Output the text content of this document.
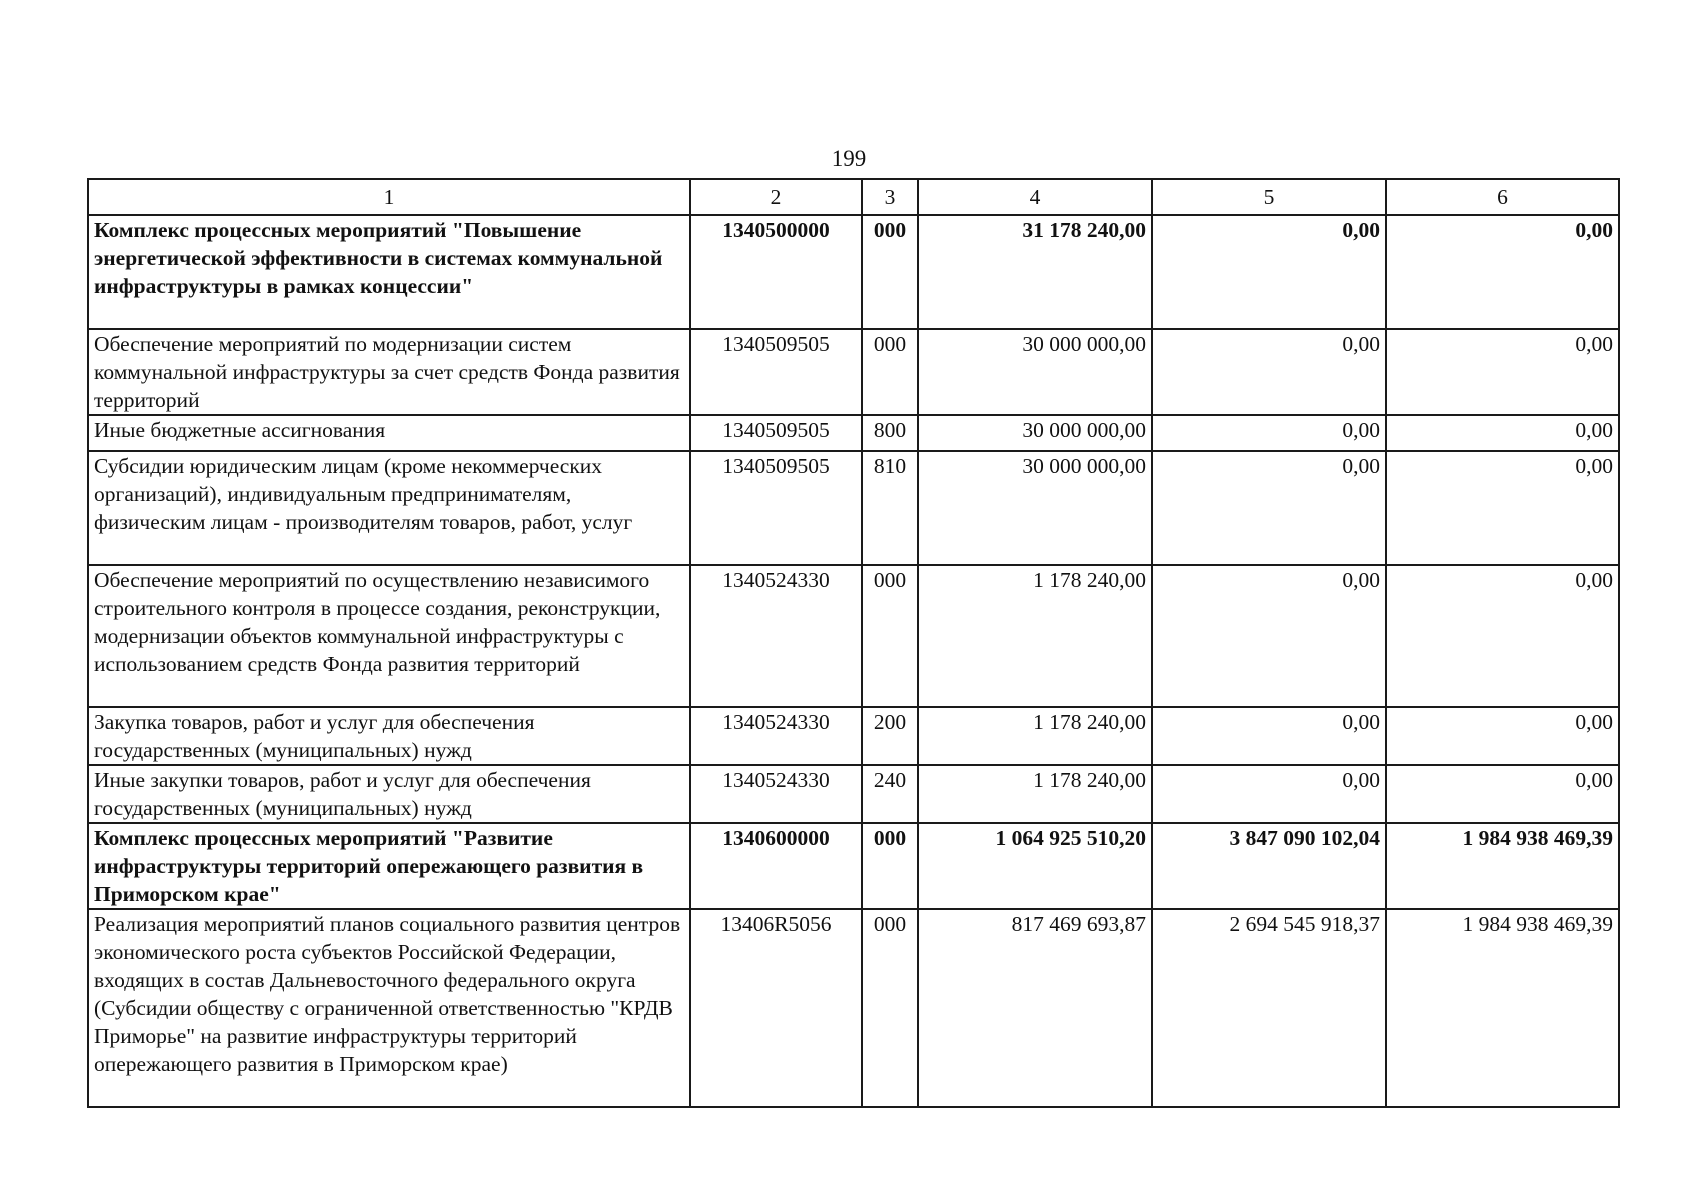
199
1	2	3	4	5	6
Комплекс процессных мероприятий "Повышение энергетической эффективности в системах коммунальной инфраструктуры в рамках концессии"	1340500000	000	31 178 240,00	0,00	0,00
Обеспечение мероприятий по модернизации систем коммунальной инфраструктуры за счет средств Фонда развития территорий	1340509505	000	30 000 000,00	0,00	0,00
Иные бюджетные ассигнования	1340509505	800	30 000 000,00	0,00	0,00
Субсидии юридическим лицам (кроме некоммерческих организаций), индивидуальным предпринимателям, физическим лицам - производителям товаров, работ, услуг	1340509505	810	30 000 000,00	0,00	0,00
Обеспечение мероприятий по осуществлению независимого строительного контроля в процессе создания, реконструкции, модернизации объектов коммунальной инфраструктуры с использованием средств Фонда развития территорий	1340524330	000	1 178 240,00	0,00	0,00
Закупка товаров, работ и услуг для обеспечения государственных (муниципальных) нужд	1340524330	200	1 178 240,00	0,00	0,00
Иные закупки товаров, работ и услуг для обеспечения государственных (муниципальных) нужд	1340524330	240	1 178 240,00	0,00	0,00
Комплекс процессных мероприятий "Развитие инфраструктуры территорий опережающего развития в Приморском крае"	1340600000	000	1 064 925 510,20	3 847 090 102,04	1 984 938 469,39
Реализация мероприятий планов социального развития центров экономического роста субъектов Российской Федерации, входящих в состав Дальневосточного федерального округа (Субсидии обществу с ограниченной ответственностью "КРДВ Приморье" на развитие инфраструктуры территорий опережающего развития в Приморском крае)	13406R5056	000	817 469 693,87	2 694 545 918,37	1 984 938 469,39
